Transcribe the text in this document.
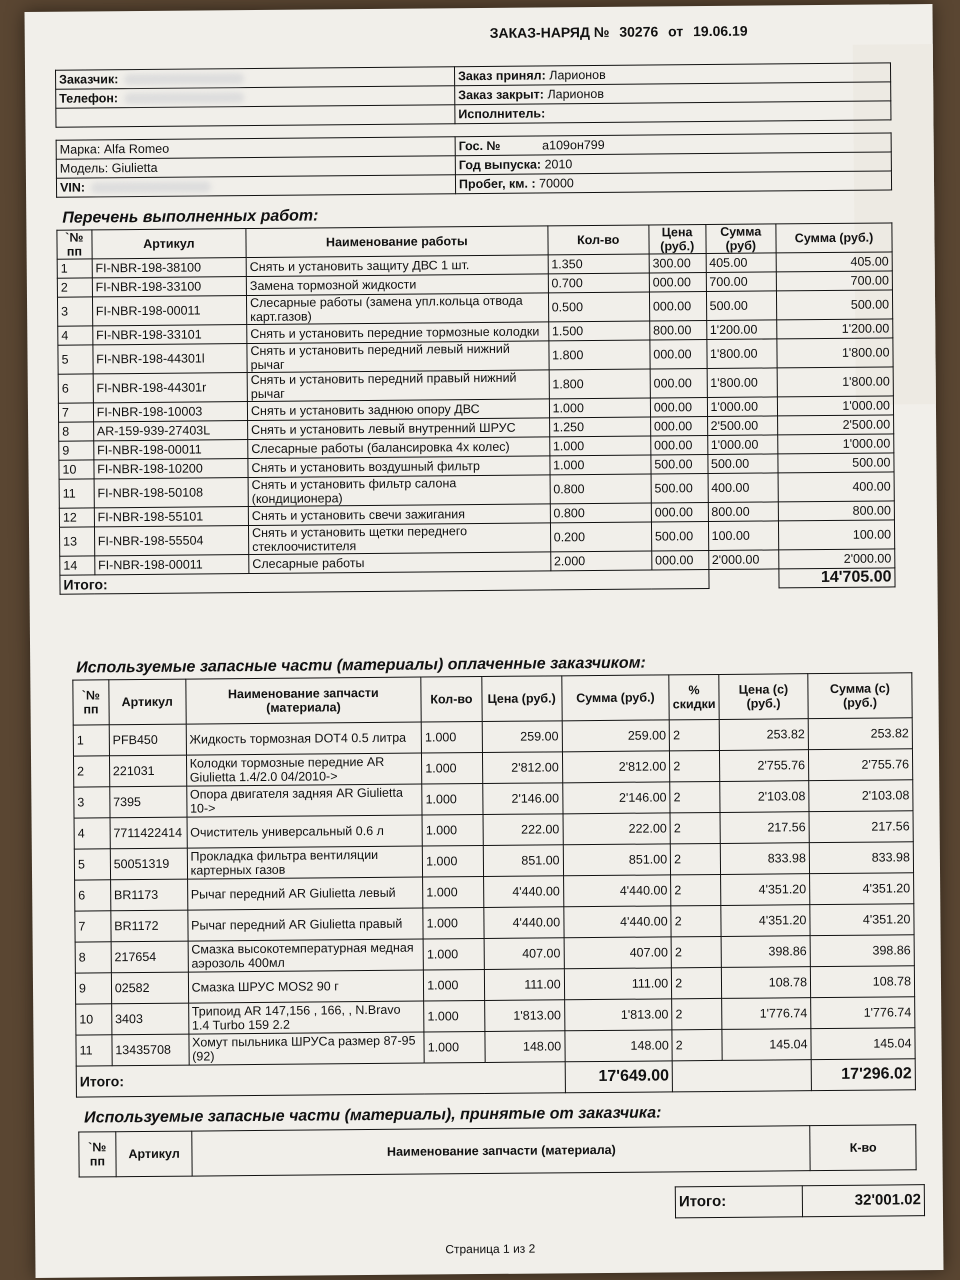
ЗАКАЗ-НАРЯД № 30276 от 19.06.19
Заказчик:	Заказ принял: Ларионов
Телефон:	Заказ закрыт: Ларионов
	Исполнитель:
Марка: Alfa Romeo	Гос. № а109он799
Модель: Giulietta	Год выпуска: 2010
VIN:	Пробег, км. : 70000
Перечень выполненных работ:
`№ пп	Артикул	Наименование работы	Кол-во	Цена (руб.)	Сумма (руб)	Сумма (руб.)
1	FI-NBR-198-38100	Снять и установить защиту ДВС 1 шт.	1.350	300.00	405.00	405.00
2	FI-NBR-198-33100	Замена тормозной жидкости	0.700	000.00	700.00	700.00
3	FI-NBR-198-00011	Слесарные работы (замена упл.кольца отвода карт.газов)	0.500	000.00	500.00	500.00
4	FI-NBR-198-33101	Снять и установить передние тормозные колодки	1.500	800.00	1'200.00	1'200.00
5	FI-NBR-198-44301l	Снять и установить передний левый нижний рычаг	1.800	000.00	1'800.00	1'800.00
6	FI-NBR-198-44301r	Снять и установить передний правый нижний рычаг	1.800	000.00	1'800.00	1'800.00
7	FI-NBR-198-10003	Снять и установить заднюю опору ДВС	1.000	000.00	1'000.00	1'000.00
8	AR-159-939-27403L	Снять и установить левый внутренний ШРУС	1.250	000.00	2'500.00	2'500.00
9	FI-NBR-198-00011	Слесарные работы (балансировка 4х колес)	1.000	000.00	1'000.00	1'000.00
10	FI-NBR-198-10200	Снять и установить воздушный фильтр	1.000	500.00	500.00	500.00
11	FI-NBR-198-50108	Снять и установить фильтр салона (кондиционера)	0.800	500.00	400.00	400.00
12	FI-NBR-198-55101	Снять и установить свечи зажигания	0.800	000.00	800.00	800.00
13	FI-NBR-198-55504	Снять и установить щетки переднего стеклоочистителя	0.200	500.00	100.00	100.00
14	FI-NBR-198-00011	Слесарные работы	2.000	000.00	2'000.00	2'000.00
Итого:						14'705.00
Используемые запасные части (материалы) оплаченные заказчиком:
`№ пп	Артикул	Наименование запчасти (материала)	Кол-во	Цена (руб.)	Сумма (руб.)	% скидки	Цена (с) (руб.)	Сумма (с) (руб.)
1	PFB450	Жидкость тормозная DOT4 0.5 литра	1.000	259.00	259.00	2	253.82	253.82
2	221031	Колодки тормозные передние AR Giulietta 1.4/2.0 04/2010->	1.000	2'812.00	2'812.00	2	2'755.76	2'755.76
3	7395	Опора двигателя задняя AR Giulietta 10->	1.000	2'146.00	2'146.00	2	2'103.08	2'103.08
4	7711422414	Очиститель универсальный 0.6 л	1.000	222.00	222.00	2	217.56	217.56
5	50051319	Прокладка фильтра вентиляции картерных газов	1.000	851.00	851.00	2	833.98	833.98
6	BR1173	Рычаг передний AR Giulietta левый	1.000	4'440.00	4'440.00	2	4'351.20	4'351.20
7	BR1172	Рычаг передний AR Giulietta правый	1.000	4'440.00	4'440.00	2	4'351.20	4'351.20
8	217654	Смазка высокотемпературная медная аэрозоль 400мл	1.000	407.00	407.00	2	398.86	398.86
9	02582	Смазка ШРУС MOS2 90 г	1.000	111.00	111.00	2	108.78	108.78
10	3403	Трипоид AR 147,156 , 166, , N.Bravo 1.4 Turbo 159 2.2	1.000	1'813.00	1'813.00	2	1'776.74	1'776.74
11	13435708	Хомут пыльника ШРУСа размер 87-95 (92)	1.000	148.00	148.00	2	145.04	145.04
Итого:					17'649.00			17'296.02
Используемые запасные части (материалы), принятые от заказчика:
`№ пп	Артикул	Наименование запчасти (материала)	К-во
Итого:	32'001.02
Страница 1 из 2
